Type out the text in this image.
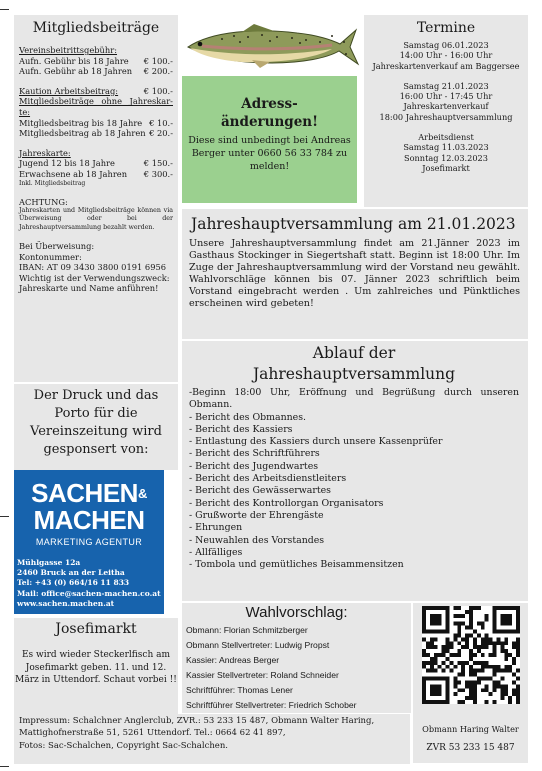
Mitgliedsbeiträge
Vereinsbeitrittsgebühr:
Aufn. Gebühr bis 18 Jahre € 100.-
Aufn. Gebühr ab 18 Jahren € 200.-
Kaution Arbeitsbeitrag:	€ 100.-
Mitgliedsbeiträge ohne Jahreskar-
te:
Mitgliedsbeitrag bis 18 Jahre € 10.-
Mitgliedsbeitrag ab 18 Jahren € 20.-
Jahreskarte:
Jugend 12 bis 18 Jahre	€ 150.-
Erwachsene ab 18 Jahren € 300.-
Inkl. Mitgliedsbeitrag
ACHTUNG:
Jahreskarten und Mitgliedsbeiträge können via Überweisung oder bei der Jahreshauptversammlung bezahlt werden.
Bei Überweisung:
Kontonummer:
IBAN: AT 09 3430 3800 0191 6956
Wichtig ist der Verwendungszweck: Jahreskarte und Name anführen!
Adress-
änderungen!
Diese sind unbedingt bei Andreas Berger unter 0660 56 33 784 zu melden!
Termine
Samstag 06.01.2023
14:00 Uhr - 16:00 Uhr
Jahreskartenverkauf am Baggersee
Samstag 21.01.2023
16:00 Uhr - 17:45 Uhr
Jahreskartenverkauf
18:00 Jahreshauptversammlung
Arbeitsdienst
Samstag 11.03.2023
Sonntag 12.03.2023
Josefimarkt
Jahreshauptversammlung am 21.01.2023

Unsere Jahreshauptversammlung findet am 21.Jänner 2023 im Gasthaus Stockinger in Siegertshaft statt. Beginn ist 18:00 Uhr. Im Zuge der Jahreshauptversammlung wird der Vorstand neu gewählt. Wahlvorschläge können bis 07. Jänner 2023 schriftlich beim Vorstand eingebracht werden . Um zahlreiches und Pünktliches erscheinen wird gebeten!

Ablauf der
Jahreshauptversammlung
-Beginn 18:00 Uhr, Eröffnung und Begrüßung durch unseren Obmann.
- Bericht des Obmannes.
- Bericht des Kassiers
- Entlastung des Kassiers durch unsere Kassenprüfer
- Bericht des Schriftführers
- Bericht des Jugendwartes
- Bericht des Arbeitsdienstleiters
- Bericht des Gewässerwartes
- Bericht des Kontrollorgan Organisators
- Grußworte der Ehrengäste
- Ehrungen
- Neuwahlen des Vorstandes
- Allfälliges
- Tombola und gemütliches Beisammensitzen
Der Druck und das Porto für die Vereinszeitung wird gesponsert von:
SACHEN&
MACHEN
MARKETING AGENTUR
Mühlgasse 12a
2460 Bruck an der Leitha
Tel: +43 (0) 664/16 11 833
Mail: office@sachen-machen.co.at
www.sachen.machen.at
Josefimarkt
Es wird wieder Steckerlfisch am Josefimarkt geben. 11. und 12. März in Uttendorf. Schaut vorbei !!
Wahlvorschlag:
Obmann: Florian Schmitzberger
Obmann Stellvertreter: Ludwig Propst
Kassier: Andreas Berger
Kassier Stellvertreter: Roland Schneider
Schriftführer: Thomas Lener
Schriftführer Stellvertreter: Friedrich Schober
Obmann Haring Walter
ZVR 53 233 15 487
Impressum: Schalchner Anglerclub, ZVR.: 53 233 15 487, Obmann Walter Haring,
Mattighofnerstraße 51, 5261 Uttendorf. Tel.: 0664 62 41 897,
Fotos: Sac-Schalchen, Copyright Sac-Schalchen.
